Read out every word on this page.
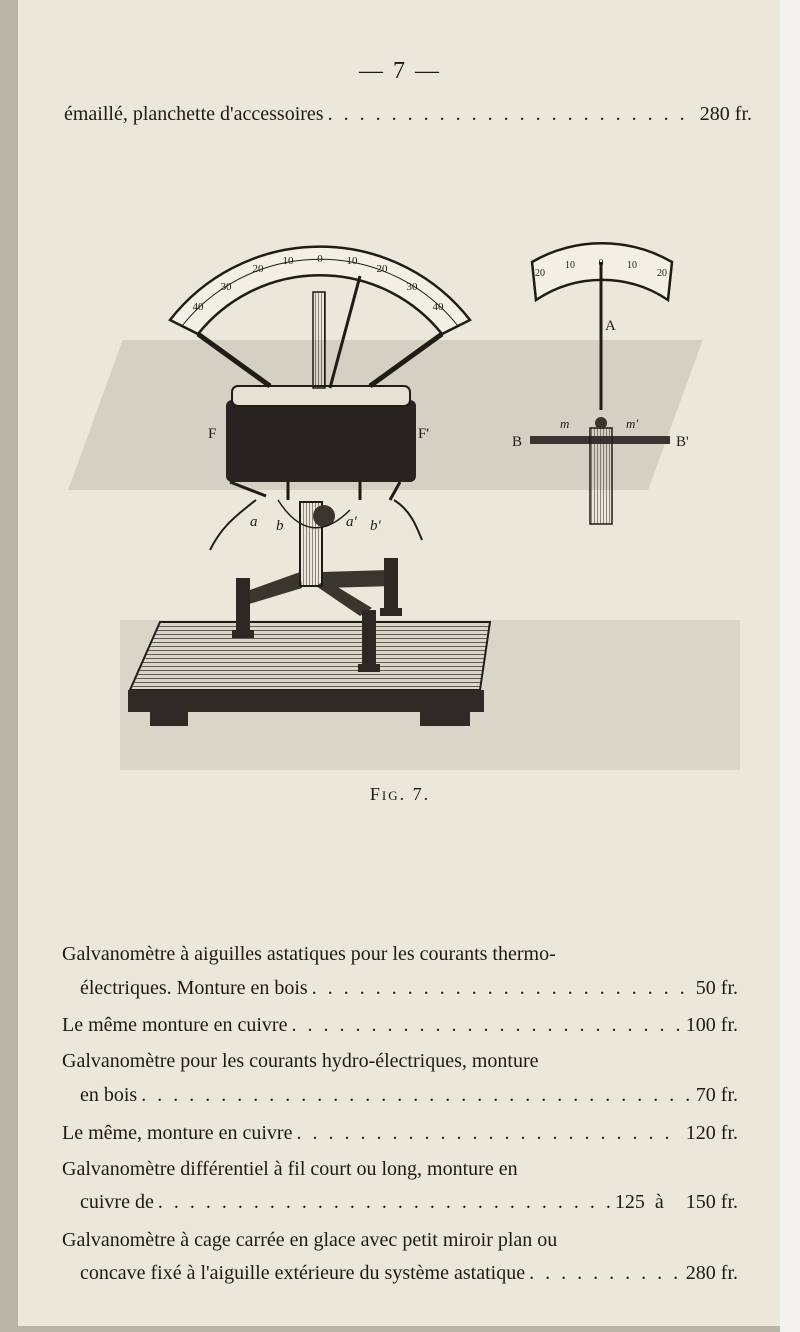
— 7 —
émaillé, planchette d'accessoires . . .	280 fr.
40
30
20
10 0 10
20
30
40
20
10 0 10
20
F	F'
a b	a' b'
A
B	B'
m	m'
Fig. 7.
Galvanomètre à aiguilles astatiques pour les courants thermo-
électriques. Monture en bois . . .	50 fr.
Le même monture en cuivre . . .	100 fr.
Galvanomètre pour les courants hydro-électriques, monture
en bois . . .	70 fr.
Le même, monture en cuivre . . .	120 fr.
Galvanomètre différentiel à fil court ou long, monture en
cuivre de . . .	125 à 150 fr.
Galvanomètre à cage carrée en glace avec petit miroir plan ou
concave fixé à l'aiguille extérieure du système astatique . . .	280 fr.
